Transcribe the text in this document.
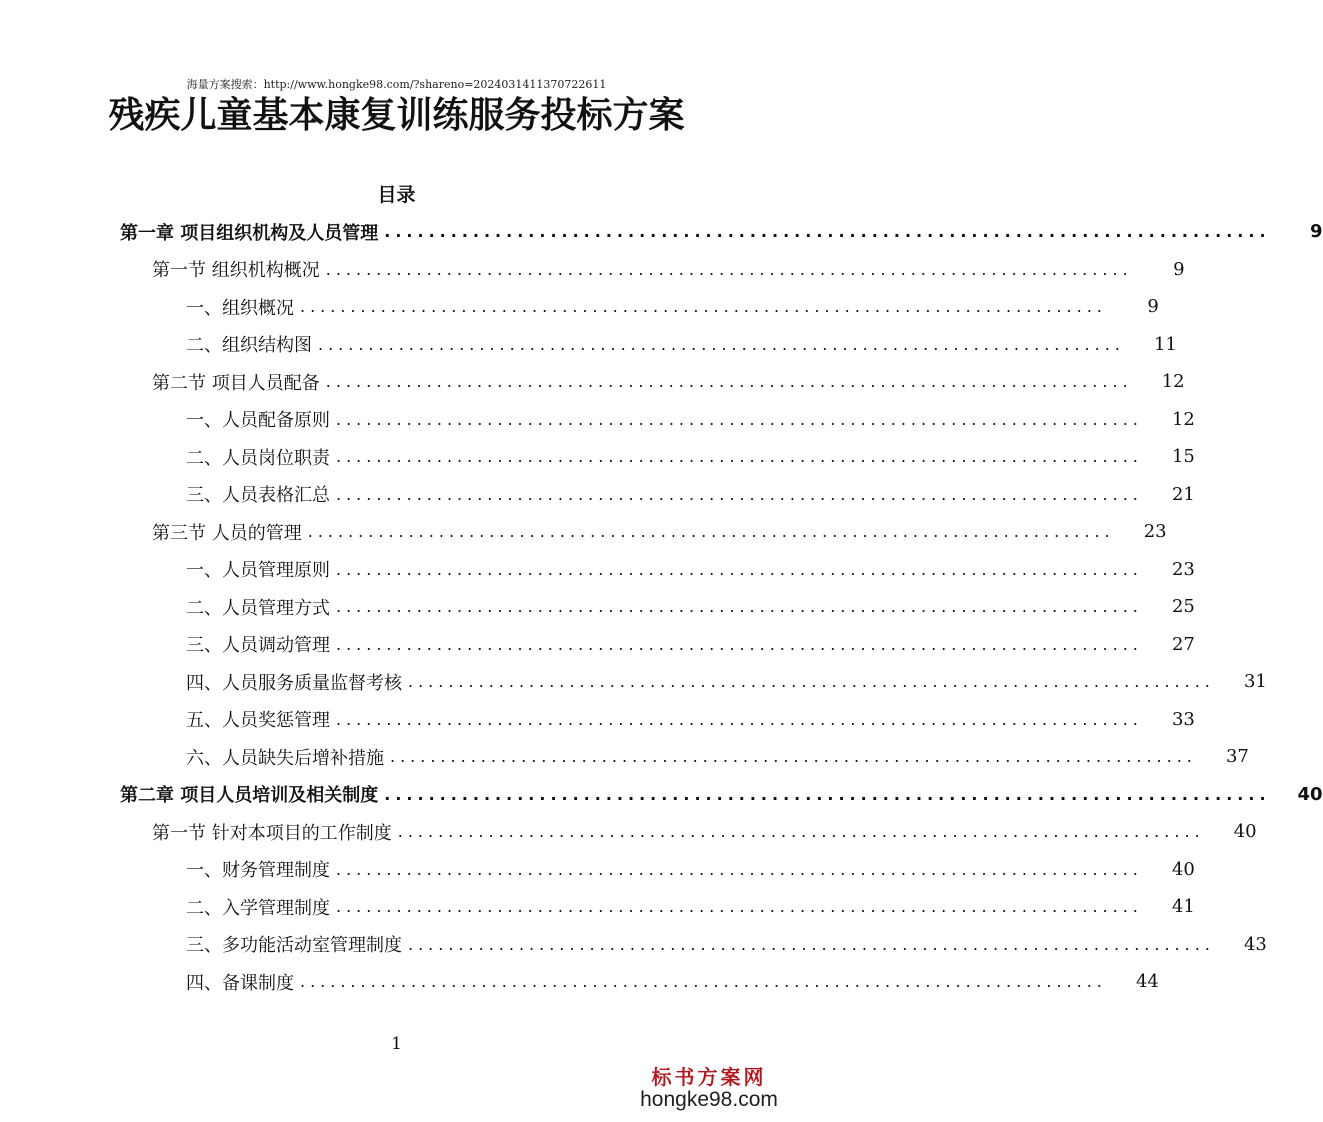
海量方案搜索：http://www.hongke98.com/?shareno=2024031411370722611
残疾儿童基本康复训练服务投标方案
目录
第一章 项目组织机构及人员管理 ................................................................................	9
第一节 组织机构概况 ................................................................................	9
一、组织概况 ................................................................................	9
二、组织结构图 ................................................................................	11
第二节 项目人员配备 ................................................................................	12
一、人员配备原则 ................................................................................	12
二、人员岗位职责 ................................................................................	15
三、人员表格汇总 ................................................................................	21
第三节 人员的管理 ................................................................................	23
一、人员管理原则 ................................................................................	23
二、人员管理方式 ................................................................................	25
三、人员调动管理 ................................................................................	27
四、人员服务质量监督考核 ................................................................................	31
五、人员奖惩管理 ................................................................................	33
六、人员缺失后增补措施 ................................................................................	37
第二章 项目人员培训及相关制度 ................................................................................	40
第一节 针对本项目的工作制度 ................................................................................	40
一、财务管理制度 ................................................................................	40
二、入学管理制度 ................................................................................	41
三、多功能活动室管理制度 ................................................................................	43
四、备课制度 ................................................................................	44
1
标书方案网
hongke98.com
